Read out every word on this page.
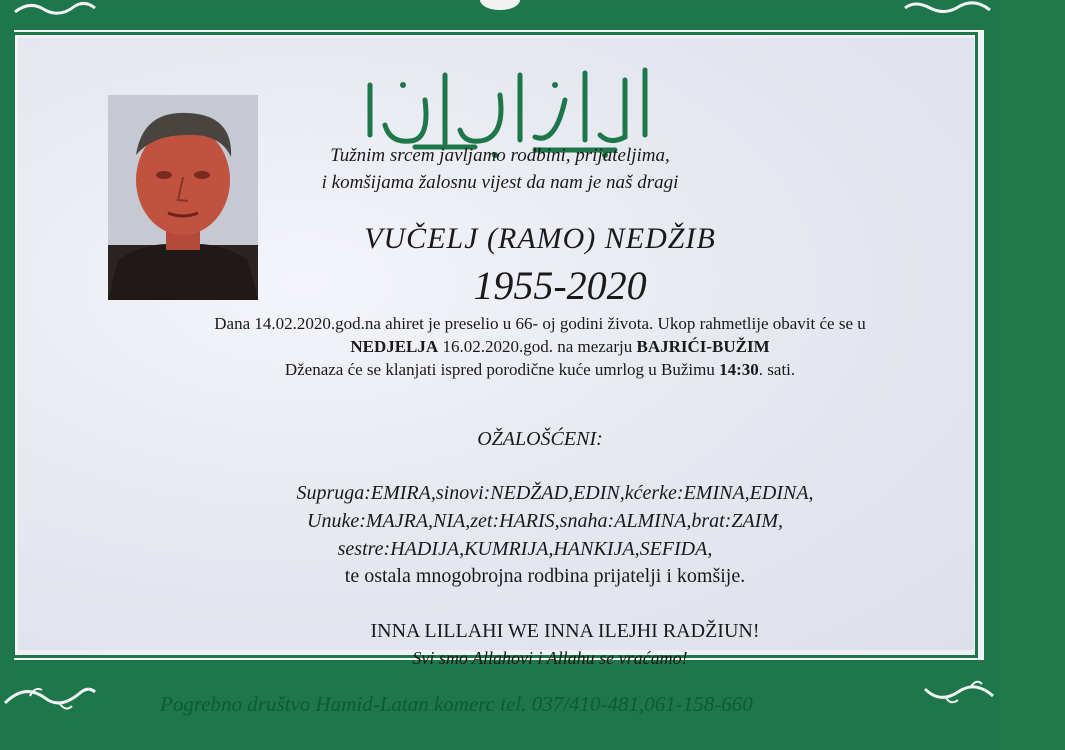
Tužnim srcem javljamo rodbini, prijateljima,
i komšijama žalosnu vijest da nam je naš dragi
VUČELJ (RAMO) NEDŽIB
1955-2020
Dana 14.02.2020.god.na ahiret je preselio u 66- oj godini života. Ukop rahmetlije obavit će se u
NEDJELJA 16.02.2020.god. na mezarju BAJRIĆI-BUŽIM
Dženaza će se klanjati ispred porodične kuće umrlog u Bužimu 14:30. sati.
OŽALOŠĆENI:
Supruga:EMIRA,sinovi:NEDŽAD,EDIN,kćerke:EMINA,EDINA,
Unuke:MAJRA,NIA,zet:HARIS,snaha:ALMINA,brat:ZAIM,
sestre:HADIJA,KUMRIJA,HANKIJA,SEFIDA,
te ostala mnogobrojna rodbina prijatelji i komšije.
INNA LILLAHI WE INNA ILEJHI RADŽIUN!
Svi smo Allahovi i Allahu se vraćamo!
Pogrebno društvo Hamid-Latan komerc tel. 037/410-481,061-158-660
